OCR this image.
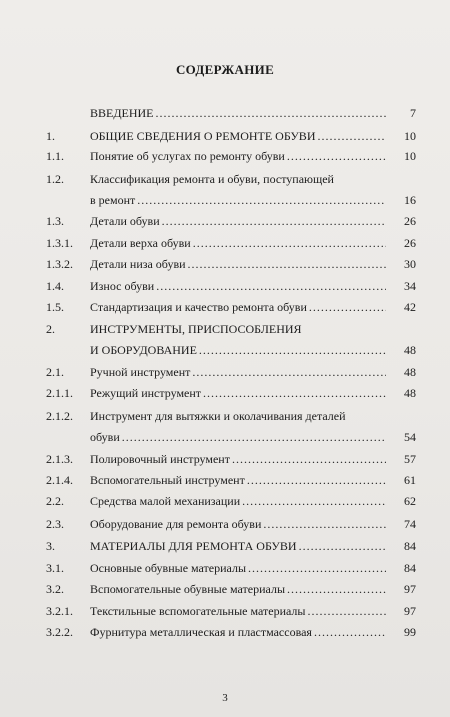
СОДЕРЖАНИЕ
ВВЕДЕНИЕ . . .	7
1.	ОБЩИЕ СВЕДЕНИЯ О РЕМОНТЕ ОБУВИ . . .	10
1.1. Понятие об услугах по ремонту обуви . . .	10
1.2. Классификация ремонта и обуви, поступающей
в ремонт . . .	16
1.3. Детали обуви . . .	26
1.3.1. Детали верха обуви . . .	26
1.3.2. Детали низа обуви . . .	30
1.4. Износ обуви . . .	34
1.5. Стандартизация и качество ремонта обуви . . .	42
2.	ИНСТРУМЕНТЫ, ПРИСПОСОБЛЕНИЯ
И ОБОРУДОВАНИЕ . . .	48
2.1. Ручной инструмент . . .	48
2.1.1. Режущий инструмент . . .	48
2.1.2. Инструмент для вытяжки и околачивания деталей
обуви . . .	54
2.1.3. Полировочный инструмент . . .	57
2.1.4. Вспомогательный инструмент . . .	61
2.2. Средства малой механизации . . .	62
2.3. Оборудование для ремонта обуви . . .	74
3.	МАТЕРИАЛЫ ДЛЯ РЕМОНТА ОБУВИ . . .	84
3.1. Основные обувные материалы . . .	84
3.2. Вспомогательные обувные материалы . . .	97
3.2.1. Текстильные вспомогательные материалы . . .	97
3.2.2. Фурнитура металлическая и пластмассовая . . .	99
3
